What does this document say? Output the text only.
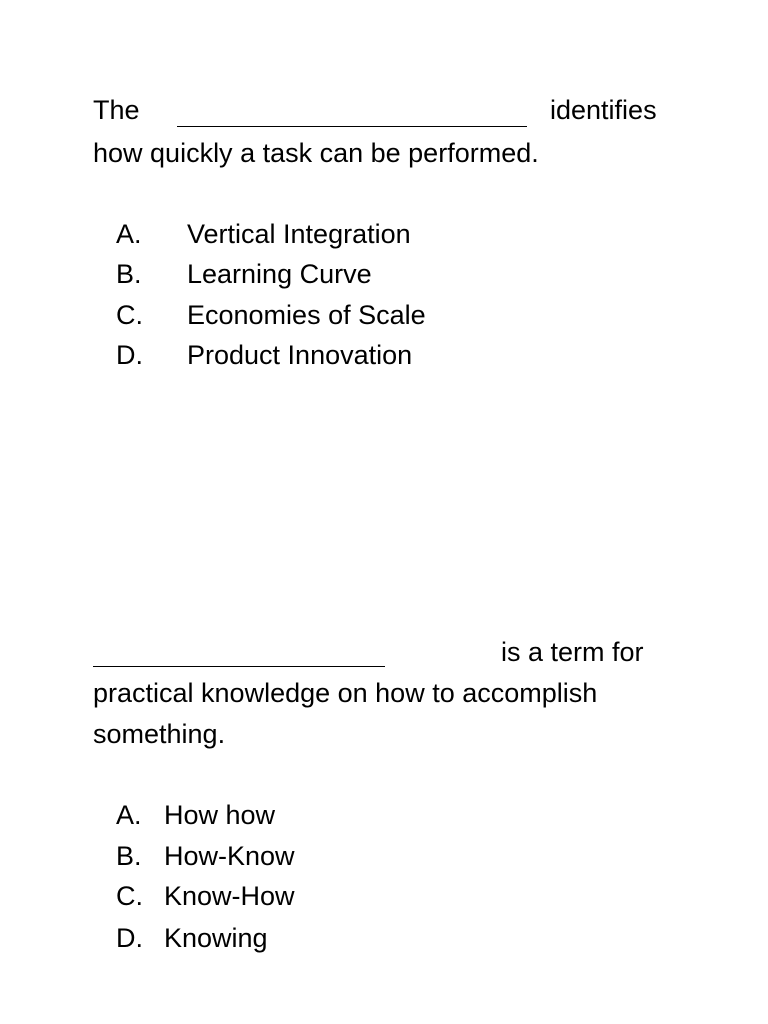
The	identifies
how quickly a task can be performed.
A. Vertical Integration
B. Learning Curve
C. Economies of Scale
D. Product Innovation
is a term for
practical knowledge on how to accomplish
something.
A. How how
B. How-Know
C. Know-How
D. Knowing
